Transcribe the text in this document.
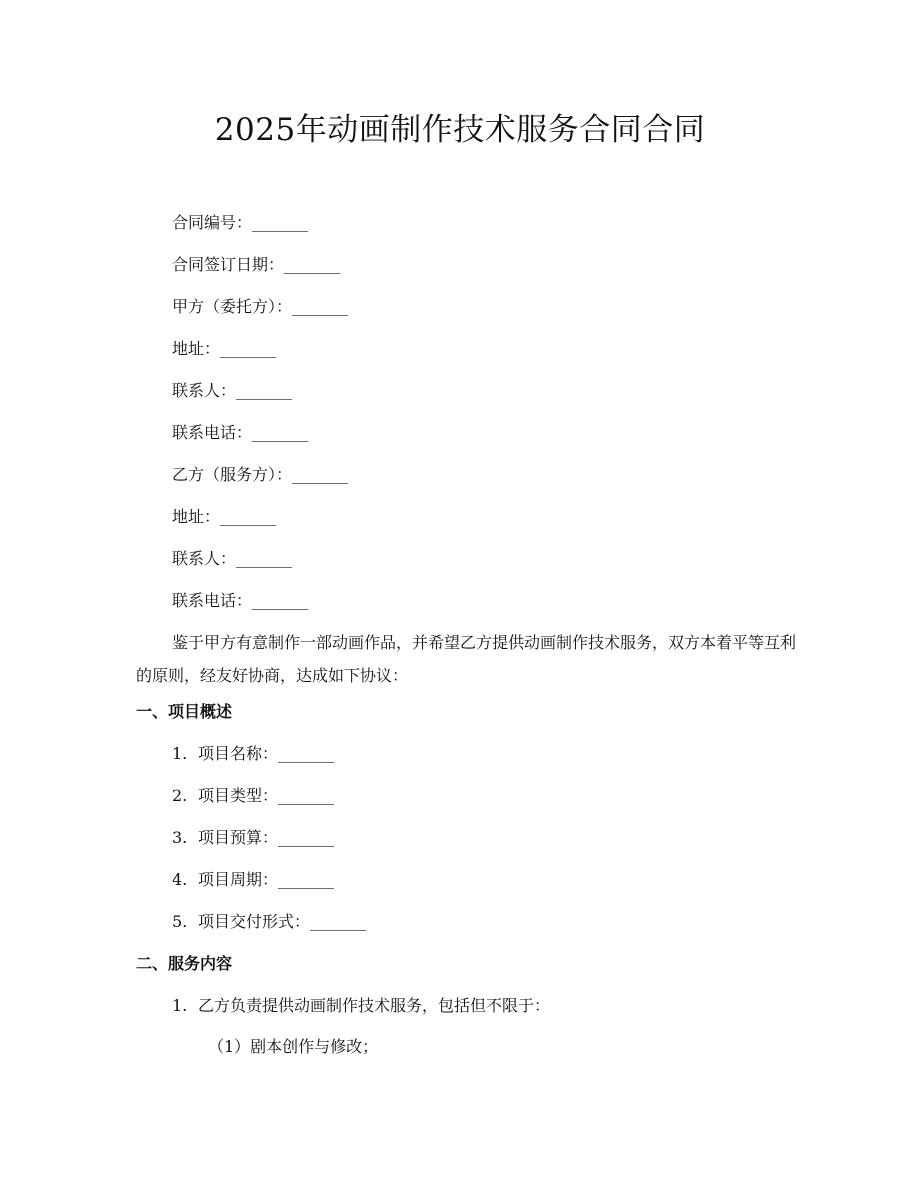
2025年动画制作技术服务合同合同
合同编号：_______
合同签订日期：_______
甲方（委托方）：_______
地址：_______
联系人：_______
联系电话：_______
乙方（服务方）：_______
地址：_______
联系人：_______
联系电话：_______

鉴于甲方有意制作一部动画作品，并希望乙方提供动画制作技术服务，双方本着平等互利的原则，经友好协商，达成如下协议：

一、项目概述
1. 项目名称：_______
2. 项目类型：_______
3. 项目预算：_______
4. 项目周期：_______
5. 项目交付形式：_______
二、服务内容
1. 乙方负责提供动画制作技术服务，包括但不限于：
（1）剧本创作与修改；
